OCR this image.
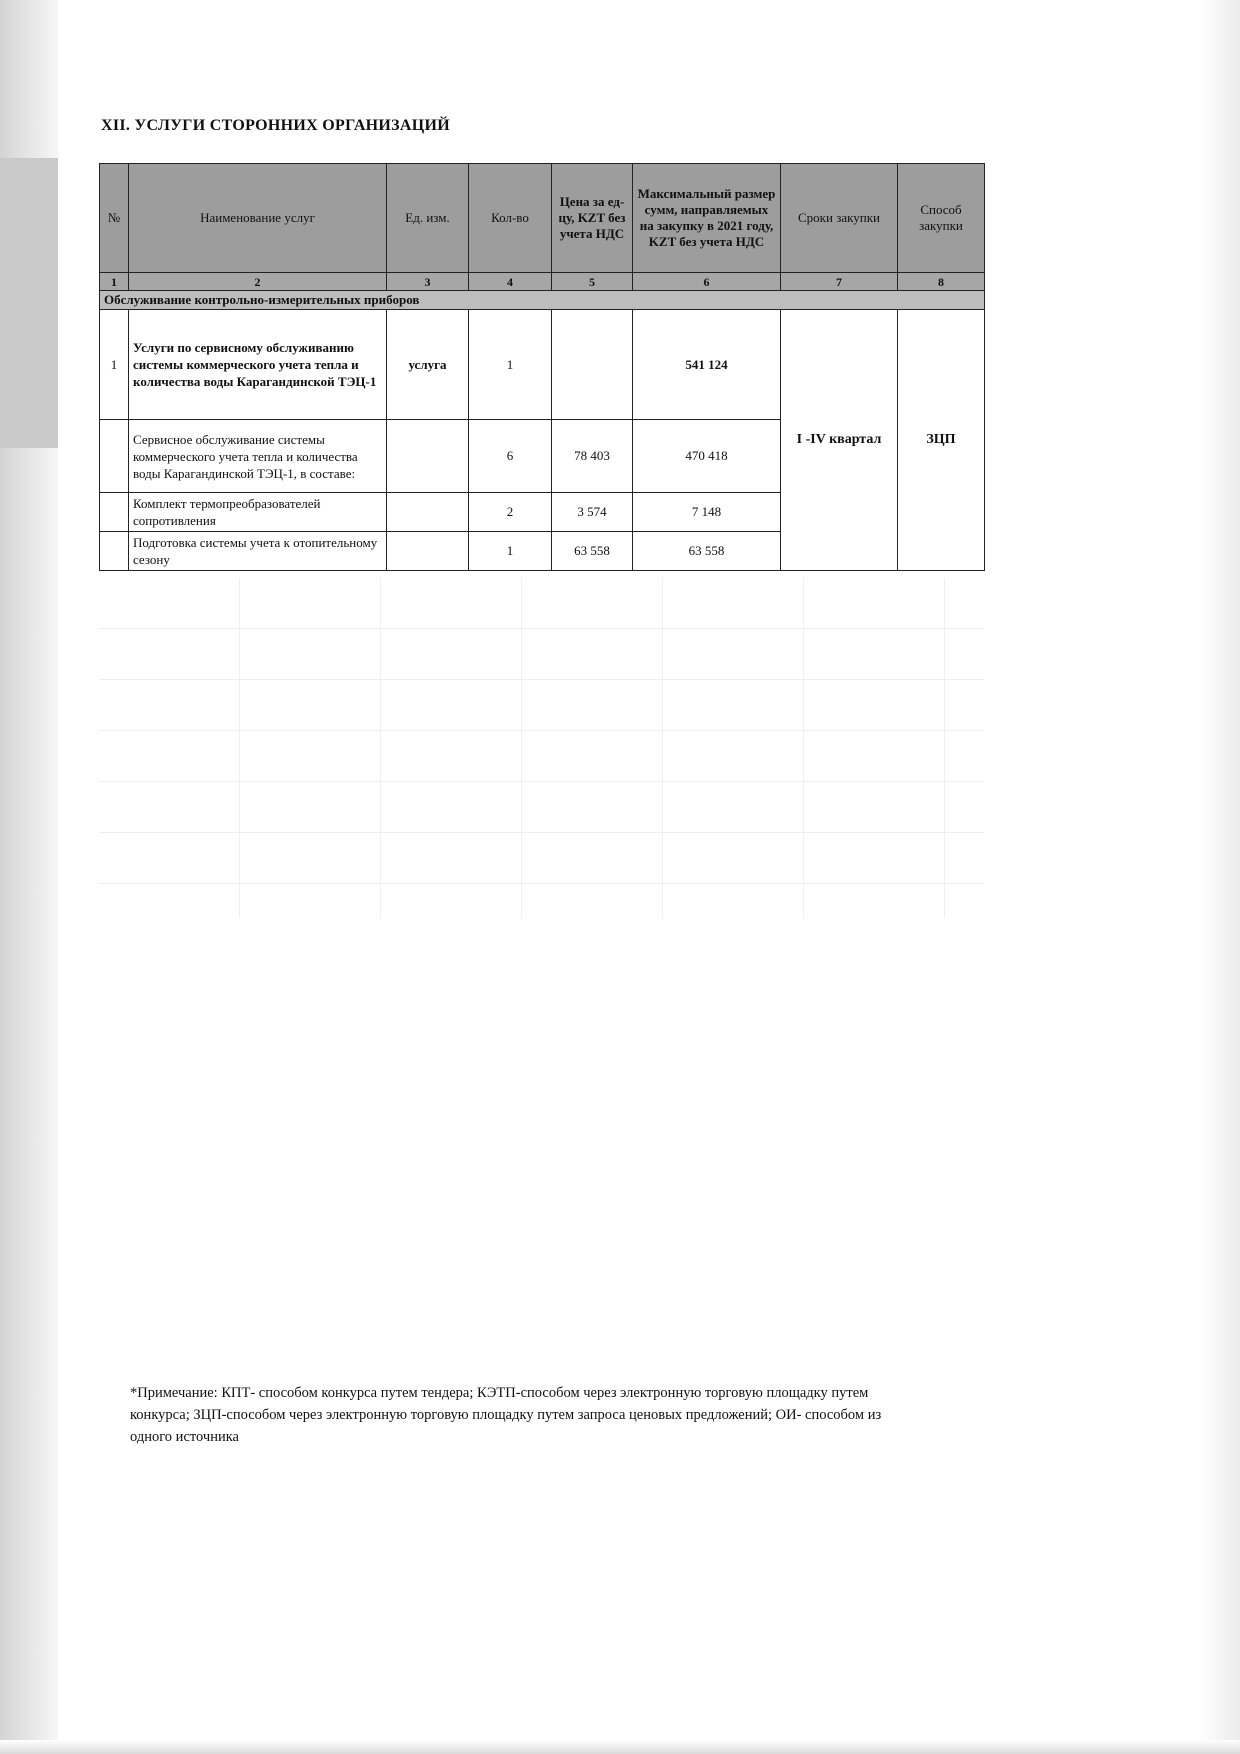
XII. УСЛУГИ СТОРОННИХ ОРГАНИЗАЦИЙ
№	Наименование услуг	Ед. изм.	Кол-во	Цена за ед-цу, KZT без учета НДС	Максимальный размер сумм, направляемых на закупку в 2021 году, KZT без учета НДС	Сроки закупки	Способ закупки
1	2	3	4	5	6	7	8
Обслуживание контрольно-измерительных приборов							
1	Услуги по сервисному обслуживанию системы коммерческого учета тепла и количества воды Карагандинской ТЭЦ-1	услуга	1		541 124	I -IV квартал	ЗЦП
	Сервисное обслуживание системы коммерческого учета тепла и количества воды Карагандинской ТЭЦ-1, в составе:		6	78 403	470 418		
	Комплект термопреобразователей сопротивления		2	3 574	7 148		
	Подготовка системы учета к отопительному сезону		1	63 558	63 558		

*Примечание: КПТ- способом конкурса путем тендера; КЭТП-способом через электронную торговую площадку путем конкурса; ЗЦП-способом через электронную торговую площадку путем запроса ценовых предложений; ОИ- способом из одного источника
